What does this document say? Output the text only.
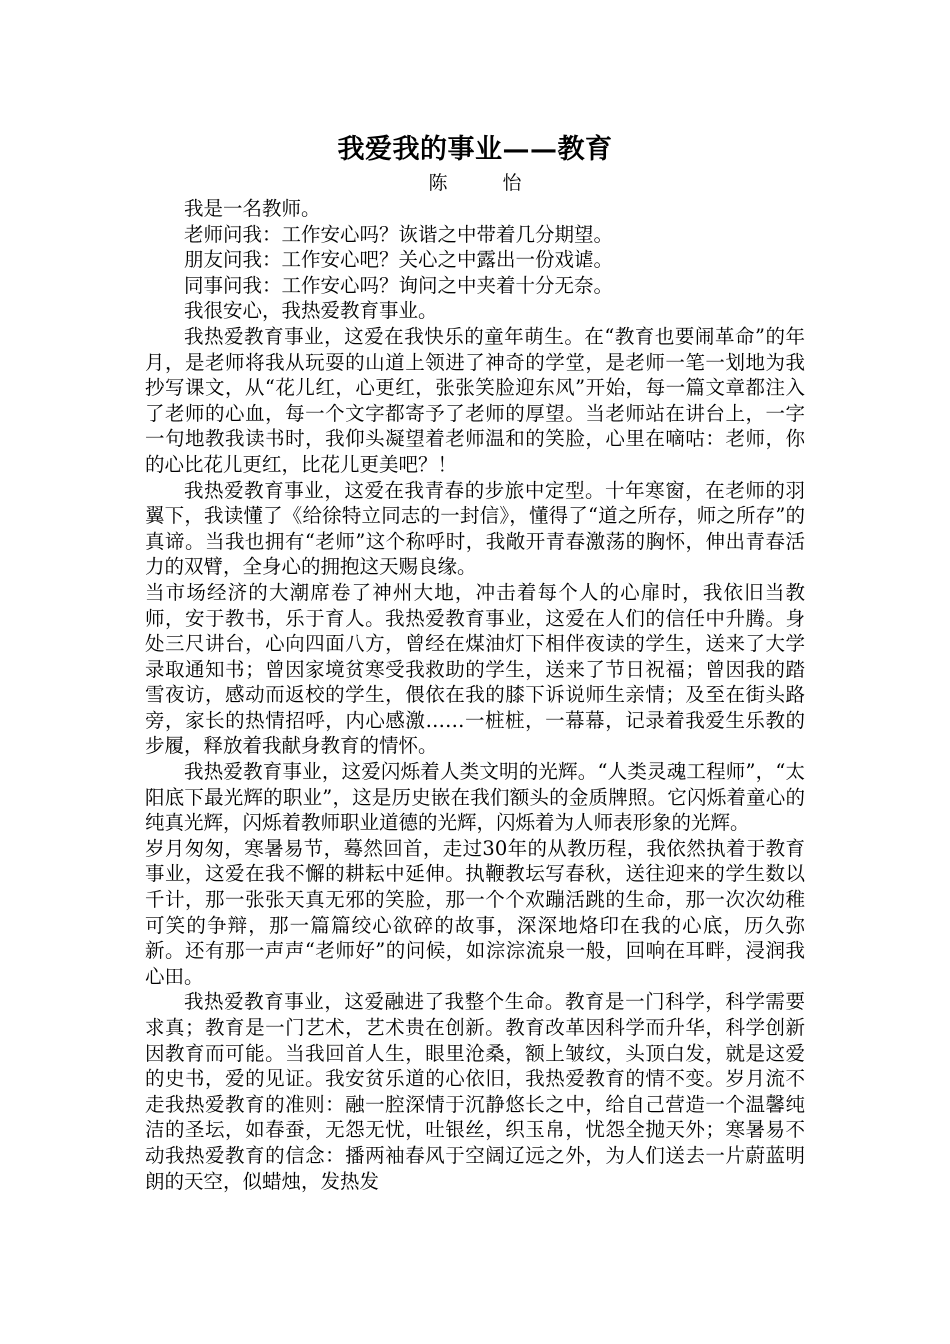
我爱我的事业——教育
陈　怡

我是一名教师。

老师问我：工作安心吗？诙谐之中带着几分期望。

朋友问我：工作安心吧？关心之中露出一份戏谑。

同事问我：工作安心吗？询问之中夹着十分无奈。

我很安心，我热爱教育事业。

我热爱教育事业，这爱在我快乐的童年萌生。在“教育也要闹革命”的年月，是老师将我从玩耍的山道上领进了神奇的学堂，是老师一笔一划地为我抄写课文，从“花儿红，心更红，张张笑脸迎东风”开始，每一篇文章都注入了老师的心血，每一个文字都寄予了老师的厚望。当老师站在讲台上，一字一句地教我读书时，我仰头凝望着老师温和的笑脸，心里在嘀咕：老师，你的心比花儿更红，比花儿更美吧？！

我热爱教育事业，这爱在我青春的步旅中定型。十年寒窗，在老师的羽翼下，我读懂了《给徐特立同志的一封信》，懂得了“道之所存，师之所存”的真谛。当我也拥有“老师”这个称呼时，我敞开青春激荡的胸怀，伸出青春活力的双臂，全身心的拥抱这天赐良缘。

当市场经济的大潮席卷了神州大地，冲击着每个人的心扉时，我依旧当教师，安于教书，乐于育人。我热爱教育事业，这爱在人们的信任中升腾。身处三尺讲台，心向四面八方，曾经在煤油灯下相伴夜读的学生，送来了大学录取通知书；曾因家境贫寒受我救助的学生，送来了节日祝福；曾因我的踏雪夜访，感动而返校的学生，偎依在我的膝下诉说师生亲情；及至在街头路旁，家长的热情招呼，内心感激……一桩桩，一幕幕，记录着我爱生乐教的步履，释放着我献身教育的情怀。

我热爱教育事业，这爱闪烁着人类文明的光辉。“人类灵魂工程师”，“太阳底下最光辉的职业”，这是历史嵌在我们额头的金质牌照。它闪烁着童心的纯真光辉，闪烁着教师职业道德的光辉，闪烁着为人师表形象的光辉。

岁月匆匆，寒暑易节，蓦然回首，走过30年的从教历程，我依然执着于教育事业，这爱在我不懈的耕耘中延伸。执鞭教坛写春秋，送往迎来的学生数以千计，那一张张天真无邪的笑脸，那一个个欢蹦活跳的生命，那一次次幼稚可笑的争辩，那一篇篇绞心欲碎的故事，深深地烙印在我的心底，历久弥新。还有那一声声“老师好”的问候，如淙淙流泉一般，回响在耳畔，浸润我心田。

我热爱教育事业，这爱融进了我整个生命。教育是一门科学，科学需要求真；教育是一门艺术，艺术贵在创新。教育改革因科学而升华，科学创新因教育而可能。当我回首人生，眼里沧桑，额上皱纹，头顶白发，就是这爱的史书，爱的见证。我安贫乐道的心依旧，我热爱教育的情不变。岁月流不走我热爱教育的准则：融一腔深情于沉静悠长之中，给自己营造一个温馨纯洁的圣坛，如春蚕，无怨无忧，吐银丝，织玉帛，忧怨全抛天外；寒暑易不动我热爱教育的信念：播两袖春风于空阔辽远之外，为人们送去一片蔚蓝明朗的天空，似蜡烛，发热发
